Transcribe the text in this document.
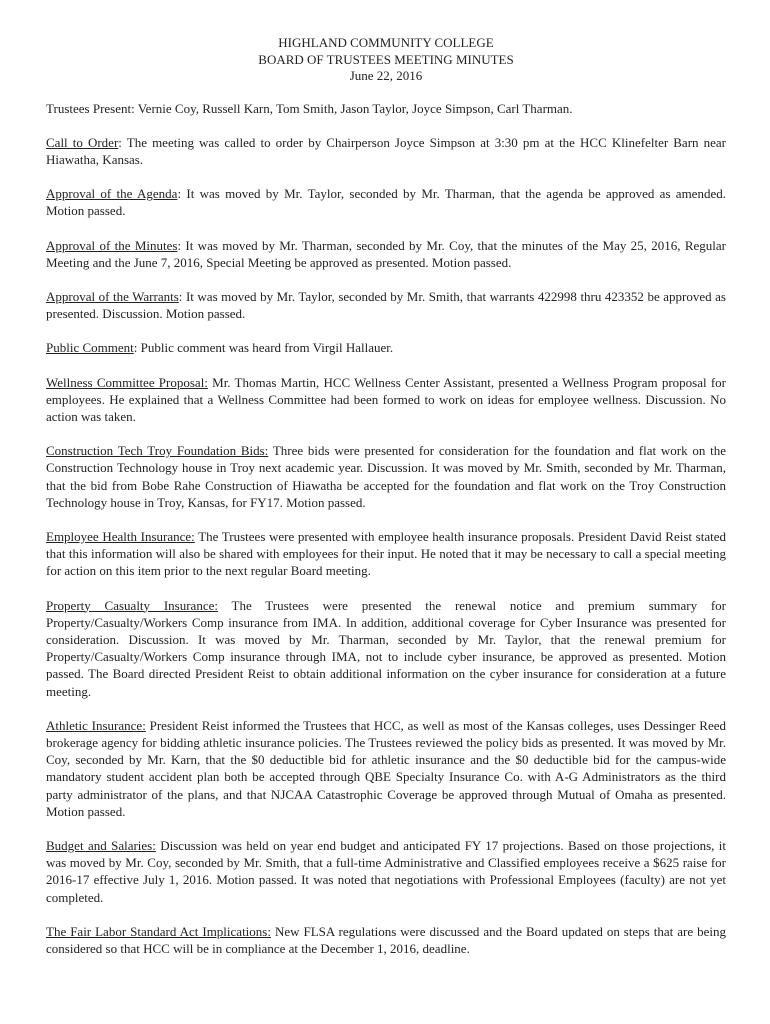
HIGHLAND COMMUNITY COLLEGE
BOARD OF TRUSTEES MEETING MINUTES
June 22, 2016

Trustees Present: Vernie Coy, Russell Karn, Tom Smith, Jason Taylor, Joyce Simpson, Carl Tharman.

Call to Order: The meeting was called to order by Chairperson Joyce Simpson at 3:30 pm at the HCC Klinefelter Barn near Hiawatha, Kansas.

Approval of the Agenda: It was moved by Mr. Taylor, seconded by Mr. Tharman, that the agenda be approved as amended. Motion passed.

Approval of the Minutes: It was moved by Mr. Tharman, seconded by Mr. Coy, that the minutes of the May 25, 2016, Regular Meeting and the June 7, 2016, Special Meeting be approved as presented. Motion passed.

Approval of the Warrants: It was moved by Mr. Taylor, seconded by Mr. Smith, that warrants 422998 thru 423352 be approved as presented. Discussion. Motion passed.

Public Comment: Public comment was heard from Virgil Hallauer.

Wellness Committee Proposal: Mr. Thomas Martin, HCC Wellness Center Assistant, presented a Wellness Program proposal for employees. He explained that a Wellness Committee had been formed to work on ideas for employee wellness. Discussion. No action was taken.

Construction Tech Troy Foundation Bids: Three bids were presented for consideration for the foundation and flat work on the Construction Technology house in Troy next academic year. Discussion. It was moved by Mr. Smith, seconded by Mr. Tharman, that the bid from Bobe Rahe Construction of Hiawatha be accepted for the foundation and flat work on the Troy Construction Technology house in Troy, Kansas, for FY17. Motion passed.

Employee Health Insurance: The Trustees were presented with employee health insurance proposals. President David Reist stated that this information will also be shared with employees for their input. He noted that it may be necessary to call a special meeting for action on this item prior to the next regular Board meeting.

Property Casualty Insurance: The Trustees were presented the renewal notice and premium summary for Property/Casualty/Workers Comp insurance from IMA. In addition, additional coverage for Cyber Insurance was presented for consideration. Discussion. It was moved by Mr. Tharman, seconded by Mr. Taylor, that the renewal premium for Property/Casualty/Workers Comp insurance through IMA, not to include cyber insurance, be approved as presented. Motion passed. The Board directed President Reist to obtain additional information on the cyber insurance for consideration at a future meeting.

Athletic Insurance: President Reist informed the Trustees that HCC, as well as most of the Kansas colleges, uses Dessinger Reed brokerage agency for bidding athletic insurance policies. The Trustees reviewed the policy bids as presented. It was moved by Mr. Coy, seconded by Mr. Karn, that the $0 deductible bid for athletic insurance and the $0 deductible bid for the campus-wide mandatory student accident plan both be accepted through QBE Specialty Insurance Co. with A-G Administrators as the third party administrator of the plans, and that NJCAA Catastrophic Coverage be approved through Mutual of Omaha as presented. Motion passed.

Budget and Salaries: Discussion was held on year end budget and anticipated FY 17 projections. Based on those projections, it was moved by Mr. Coy, seconded by Mr. Smith, that a full-time Administrative and Classified employees receive a $625 raise for 2016-17 effective July 1, 2016. Motion passed. It was noted that negotiations with Professional Employees (faculty) are not yet completed.

The Fair Labor Standard Act Implications: New FLSA regulations were discussed and the Board updated on steps that are being considered so that HCC will be in compliance at the December 1, 2016, deadline.
